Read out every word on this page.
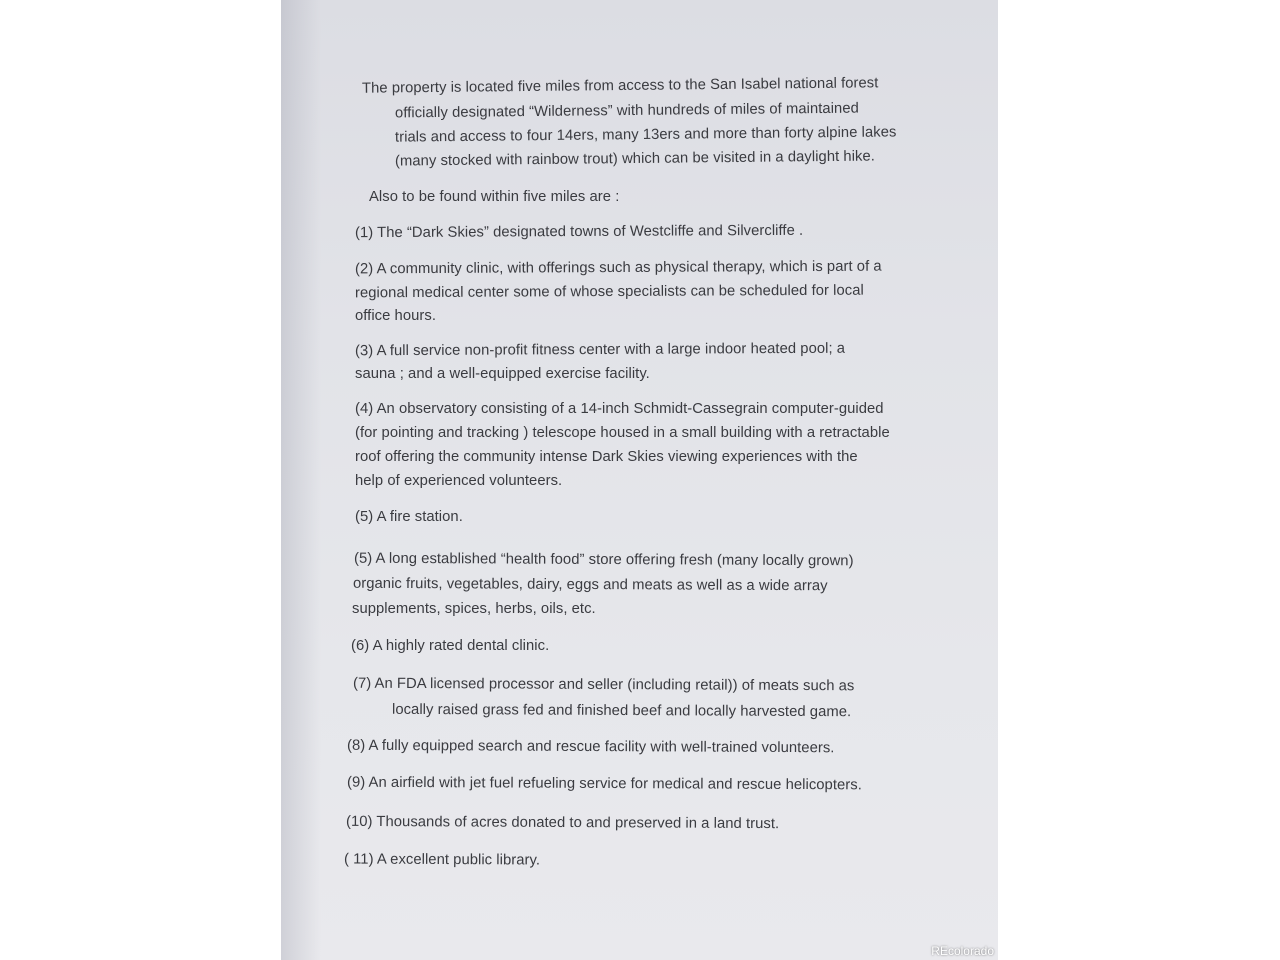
The property is located five miles from access to the San Isabel national forest
officially designated “Wilderness” with hundreds of miles of maintained
trials and access to four 14ers, many 13ers and more than forty alpine lakes
(many stocked with rainbow trout) which can be visited in a daylight hike.
Also to be found within five miles are :
(1) The “Dark Skies” designated towns of Westcliffe and Silvercliffe .
(2) A community clinic, with offerings such as physical therapy, which is part of a
regional medical center some of whose specialists can be scheduled for local
office hours.
(3) A full service non-profit fitness center with a large indoor heated pool; a
sauna ; and a well-equipped exercise facility.
(4) An observatory consisting of a 14-inch Schmidt-Cassegrain computer-guided
(for pointing and tracking ) telescope housed in a small building with a retractable
roof offering the community intense Dark Skies viewing experiences with the
help of experienced volunteers.
(5) A fire station.
(5) A long established “health food” store offering fresh (many locally grown)
organic fruits, vegetables, dairy, eggs and meats as well as a wide array
supplements, spices, herbs, oils, etc.
(6) A highly rated dental clinic.
(7) An FDA licensed processor and seller (including retail)) of meats such as
locally raised grass fed and finished beef and locally harvested game.
(8) A fully equipped search and rescue facility with well-trained volunteers.
(9) An airfield with jet fuel refueling service for medical and rescue helicopters.
(10) Thousands of acres donated to and preserved in a land trust.
( 11) A excellent public library.
REcolorado
